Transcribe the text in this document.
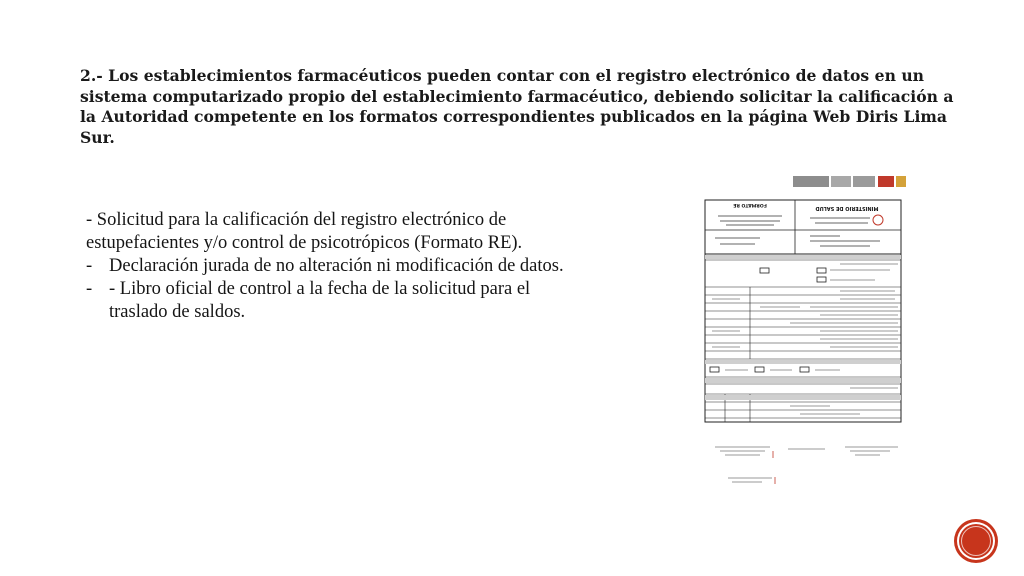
2.- Los establecimientos farmacéuticos pueden contar con el registro electrónico de datos en un sistema computarizado propio del establecimiento farmacéutico, debiendo solicitar la calificación a la Autoridad competente en los formatos correspondientes publicados en la página Web Diris Lima Sur.
- Solicitud para la calificación del registro electrónico de estupefacientes y/o control de psicotrópicos (Formato RE).
- Declaración jurada de no alteración ni modificación de datos.
- - Libro oficial de control a la fecha de la solicitud para el traslado de saldos.
MINISTERIO DE SALUD
FORMATO RE
